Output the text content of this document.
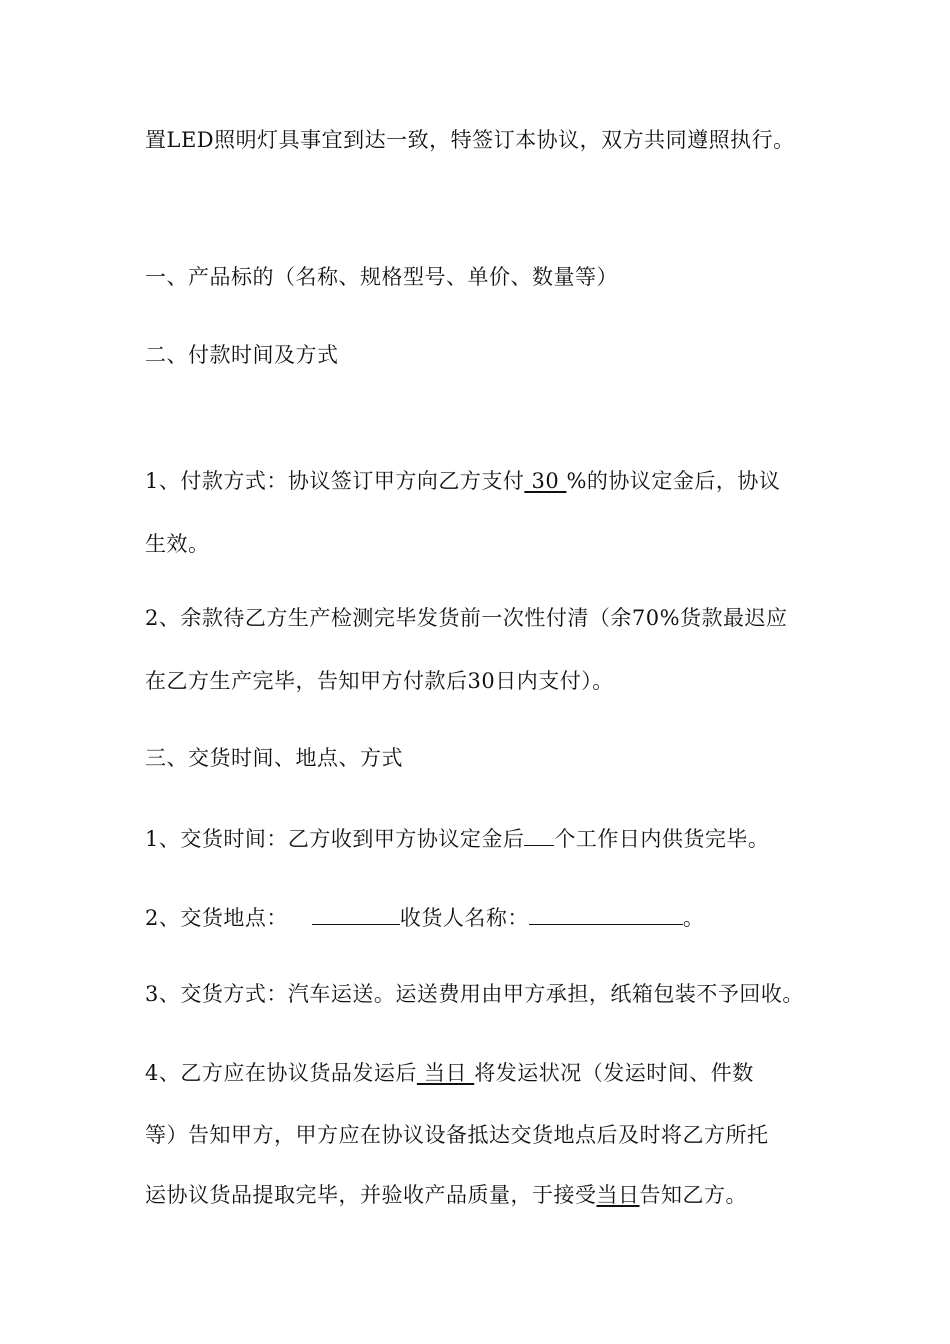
置LED照明灯具事宜到达一致，特签订本协议，双方共同遵照执行。
一、产品标的（名称、规格型号、单价、数量等）
二、付款时间及方式
1、付款方式：协议签订甲方向乙方支付 30 %的协议定金后，协议
生效。
2、余款待乙方生产检测完毕发货前一次性付清（余70%货款最迟应
在乙方生产完毕，告知甲方付款后30日内支付）。
三、交货时间、地点、方式
1、交货时间：乙方收到甲方协议定金后 个工作日内供货完毕。
2、交货地点：	收货人名称：	。
3、交货方式：汽车运送。运送费用由甲方承担，纸箱包装不予回收。
4、乙方应在协议货品发运后 当日 将发运状况（发运时间、件数
等）告知甲方，甲方应在协议设备抵达交货地点后及时将乙方所托
运协议货品提取完毕，并验收产品质量，于接受当日告知乙方。
